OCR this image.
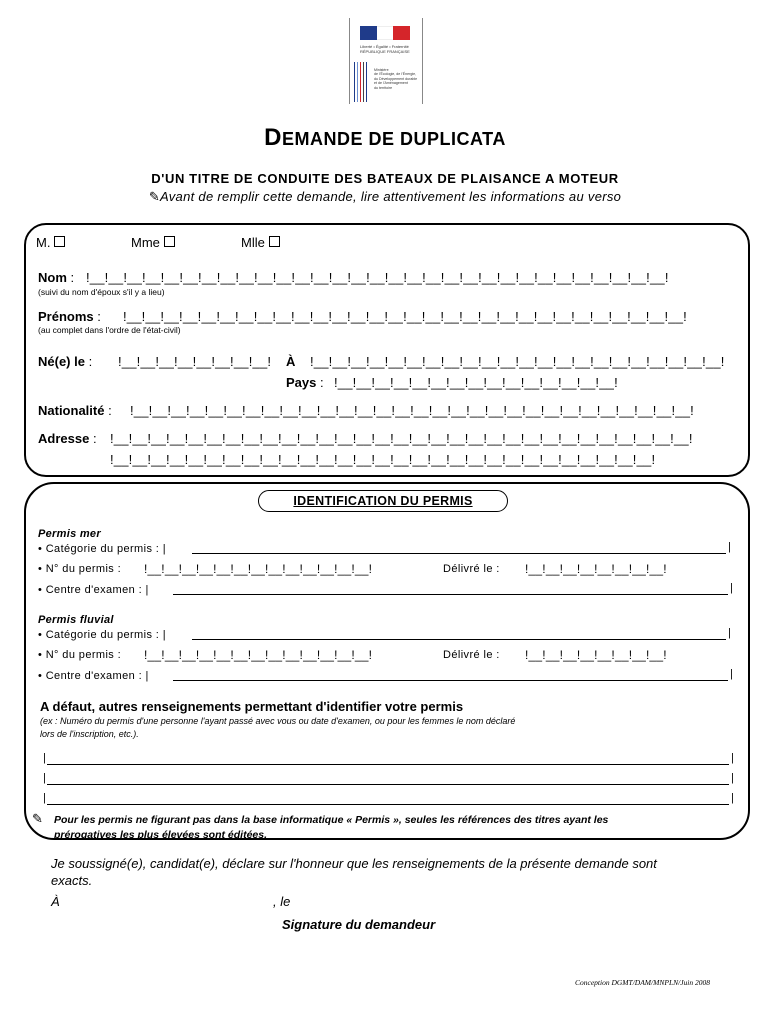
Liberté • Égalité • Fraternité
RÉPUBLIQUE FRANÇAISE
Ministère
de l'Écologie, de l'Énergie,
du Développement durable
et de l'Aménagement
du territoire
DEMANDE DE DUPLICATA
D'UN TITRE DE CONDUITE DES BATEAUX DE PLAISANCE A MOTEUR
✎Avant de remplir cette demande, lire attentivement les informations au verso
M.	Mme	Mlle
Nom : !__!__!__!__!__!__!__!__!__!__!__!__!__!__!__!__!__!__!__!__!__!__!__!__!__!__!__!__!__!__!__!
(suivi du nom d'époux s'il y a lieu)
Prénoms : !__!__!__!__!__!__!__!__!__!__!__!__!__!__!__!__!__!__!__!__!__!__!__!__!__!__!__!__!__!__!
(au complet dans l'ordre de l'état-civil)
Né(e) le : !__!__!__!__!__!__!__!__! À !__!__!__!__!__!__!__!__!__!__!__!__!__!__!__!__!__!__!__!__!__!__!
Pays : !__!__!__!__!__!__!__!__!__!__!__!__!__!__!__!
Nationalité : !__!__!__!__!__!__!__!__!__!__!__!__!__!__!__!__!__!__!__!__!__!__!__!__!__!__!__!__!__!__!
Adresse : !__!__!__!__!__!__!__!__!__!__!__!__!__!__!__!__!__!__!__!__!__!__!__!__!__!__!__!__!__!__!__!
!__!__!__!__!__!__!__!__!__!__!__!__!__!__!__!__!__!__!__!__!__!__!__!__!__!__!__!__!__!
IDENTIFICATION DU PERMIS
Permis mer
• Catégorie du permis : |	|
• N° du permis : !__!__!__!__!__!__!__!__!__!__!__!__!__!	Délivré le : !__!__!__!__!__!__!__!__!
• Centre d'examen : |	|
Permis fluvial
• Catégorie du permis : |	|
• N° du permis : !__!__!__!__!__!__!__!__!__!__!__!__!__!	Délivré le : !__!__!__!__!__!__!__!__!
• Centre d'examen : |	|
A défaut, autres renseignements permettant d'identifier votre permis
(ex : Numéro du permis d'une personne l'ayant passé avec vous ou date d'examen, ou pour les femmes le nom déclaré
lors de l'inscription, etc.).
|	|
|	|
|	|
✎ Pour les permis ne figurant pas dans la base informatique « Permis », seules les références des titres ayant les
prérogatives les plus élevées sont éditées.
Je soussigné(e), candidat(e), déclare sur l'honneur que les renseignements de la présente demande sont
exacts.
À	, le
Signature du demandeur
Conception DGMT/DAM/MNPLN/Juin 2008
